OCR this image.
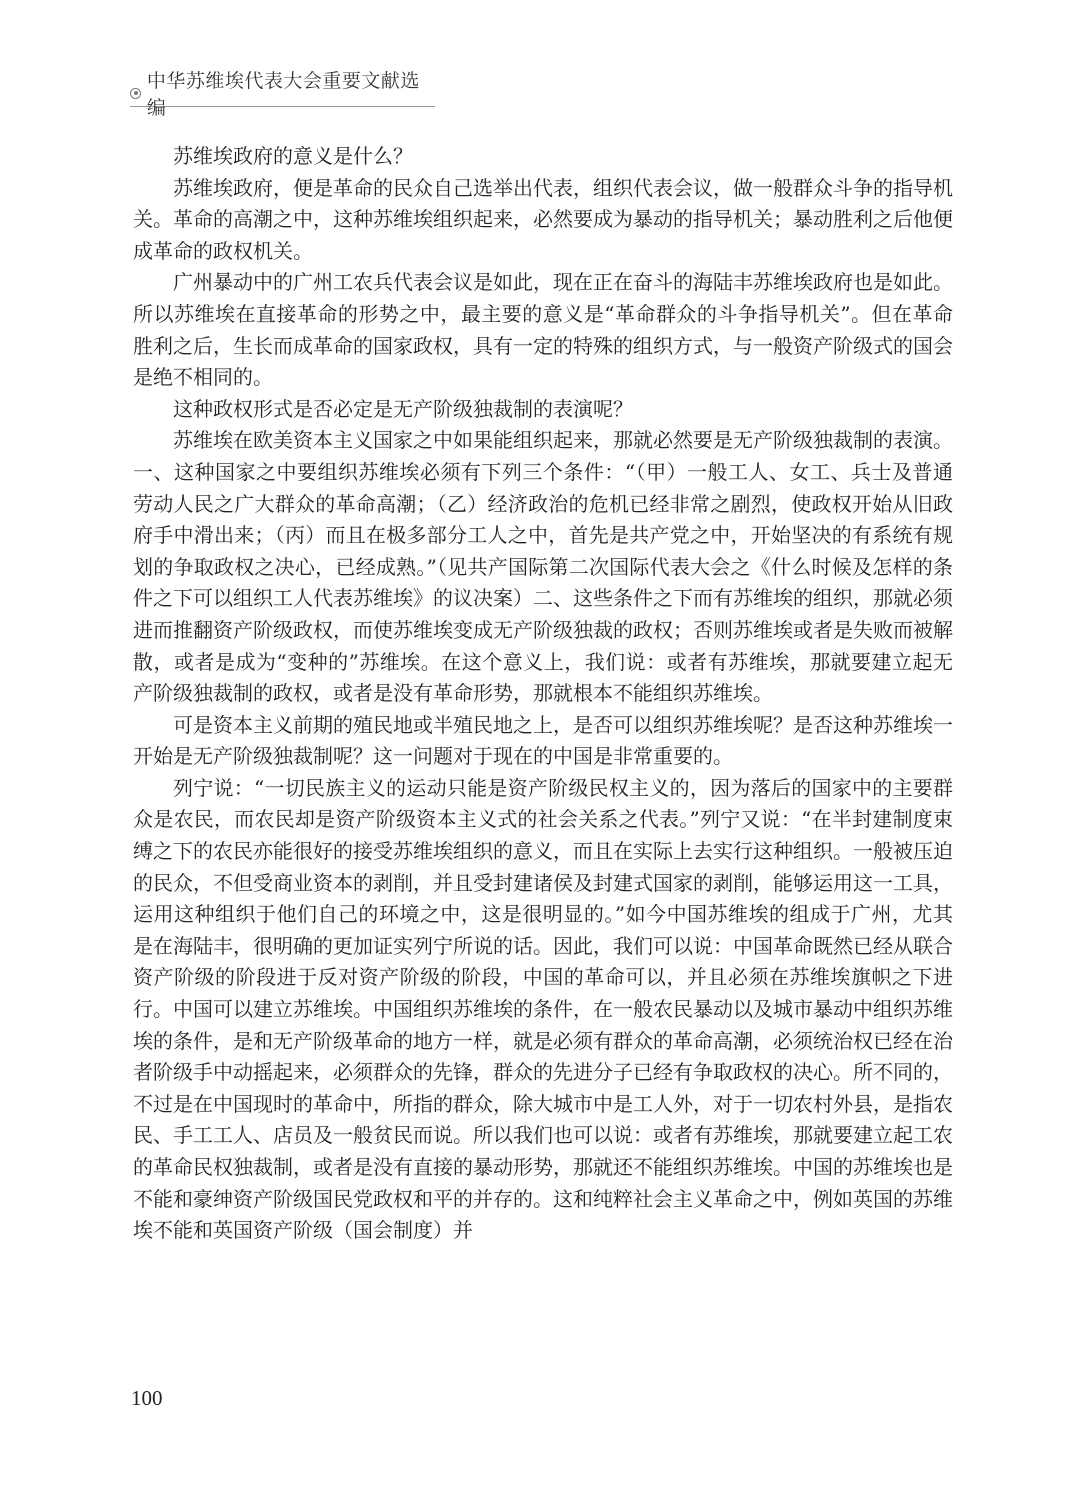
中华苏维埃代表大会重要文献选编

苏维埃政府的意义是什么？

苏维埃政府，便是革命的民众自己选举出代表，组织代表会议，做一般群众斗争的指导机关。革命的高潮之中，这种苏维埃组织起来，必然要成为暴动的指导机关；暴动胜利之后他便成革命的政权机关。

广州暴动中的广州工农兵代表会议是如此，现在正在奋斗的海陆丰苏维埃政府也是如此。所以苏维埃在直接革命的形势之中，最主要的意义是“革命群众的斗争指导机关”。但在革命胜利之后，生长而成革命的国家政权，具有一定的特殊的组织方式，与一般资产阶级式的国会是绝不相同的。

这种政权形式是否必定是无产阶级独裁制的表演呢？

苏维埃在欧美资本主义国家之中如果能组织起来，那就必然要是无产阶级独裁制的表演。一、这种国家之中要组织苏维埃必须有下列三个条件：“（甲）一般工人、女工、兵士及普通劳动人民之广大群众的革命高潮；（乙）经济政治的危机已经非常之剧烈，使政权开始从旧政府手中滑出来；（丙）而且在极多部分工人之中，首先是共产党之中，开始坚决的有系统有规划的争取政权之决心，已经成熟。”（见共产国际第二次国际代表大会之《什么时候及怎样的条件之下可以组织工人代表苏维埃》的议决案）二、这些条件之下而有苏维埃的组织，那就必须进而推翻资产阶级政权，而使苏维埃变成无产阶级独裁的政权；否则苏维埃或者是失败而被解散，或者是成为“变种的”苏维埃。在这个意义上，我们说：或者有苏维埃，那就要建立起无产阶级独裁制的政权，或者是没有革命形势，那就根本不能组织苏维埃。

可是资本主义前期的殖民地或半殖民地之上，是否可以组织苏维埃呢？是否这种苏维埃一开始是无产阶级独裁制呢？这一问题对于现在的中国是非常重要的。

列宁说：“一切民族主义的运动只能是资产阶级民权主义的，因为落后的国家中的主要群众是农民，而农民却是资产阶级资本主义式的社会关系之代表。”列宁又说：“在半封建制度束缚之下的农民亦能很好的接受苏维埃组织的意义，而且在实际上去实行这种组织。一般被压迫的民众，不但受商业资本的剥削，并且受封建诸侯及封建式国家的剥削，能够运用这一工具，运用这种组织于他们自己的环境之中，这是很明显的。”如今中国苏维埃的组成于广州，尤其是在海陆丰，很明确的更加证实列宁所说的话。因此，我们可以说：中国革命既然已经从联合资产阶级的阶段进于反对资产阶级的阶段，中国的革命可以，并且必须在苏维埃旗帜之下进行。中国可以建立苏维埃。中国组织苏维埃的条件，在一般农民暴动以及城市暴动中组织苏维埃的条件，是和无产阶级革命的地方一样，就是必须有群众的革命高潮，必须统治权已经在治者阶级手中动摇起来，必须群众的先锋，群众的先进分子已经有争取政权的决心。所不同的，不过是在中国现时的革命中，所指的群众，除大城市中是工人外，对于一切农村外县，是指农民、手工工人、店员及一般贫民而说。所以我们也可以说：或者有苏维埃，那就要建立起工农的革命民权独裁制，或者是没有直接的暴动形势，那就还不能组织苏维埃。中国的苏维埃也是不能和豪绅资产阶级国民党政权和平的并存的。这和纯粹社会主义革命之中，例如英国的苏维埃不能和英国资产阶级（国会制度）并

100
